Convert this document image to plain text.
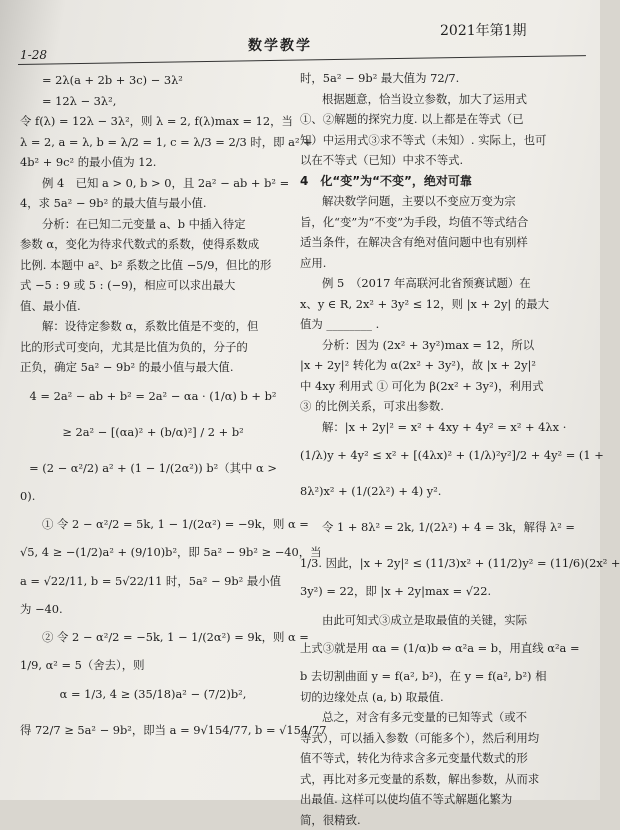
1-28
数学教学
2021年第1期
= 2λ(a + 2b + 3c) − 3λ²
= 12λ − 3λ²,
令 f(λ) = 12λ − 3λ²，则 λ = 2, f(λ)max = 12，当
λ = 2, a = λ, b = λ/2 = 1, c = λ/3 = 2/3 时，即 a² +
4b² + 9c² 的最小值为 12.
例 4　已知 a > 0, b > 0，且 2a² − ab + b² =
4，求 5a² − 9b² 的最大值与最小值.
分析：在已知二元变量 a、b 中插入待定
参数 α，变化为待求代数式的系数，使得系数成
比例. 本题中 a²、b² 系数之比值 −5/9，但比的形
式 −5 : 9 或 5 : (−9)，相应可以求出最大
值、最小值.
解：设待定参数 α，系数比值是不变的，但
比的形式可变向，尤其是比值为负的，分子的
正负，确定 5a² − 9b² 的最小值与最大值.
4 = 2a² − ab + b² = 2a² − αa · (1/α) b + b²
≥ 2a² − [(αa)² + (b/α)²] / 2 + b²
= (2 − α²/2) a² + (1 − 1/(2α²)) b²（其中 α >
0).
① 令 2 − α²/2 = 5k, 1 − 1/(2α²) = −9k，则 α =
√5, 4 ≥ −(1/2)a² + (9/10)b²，即 5a² − 9b² ≥ −40，当
a = √22/11, b = 5√22/11 时，5a² − 9b² 最小值
为 −40.
② 令 2 − α²/2 = −5k, 1 − 1/(2α²) = 9k，则 α =
1/9, α² = 5（舍去），则
α = 1/3, 4 ≥ (35/18)a² − (7/2)b²,
得 72/7 ≥ 5a² − 9b²，即当 a = 9√154/77, b = √154/77
时，5a² − 9b² 最大值为 72/7.
根据题意，恰当设立参数，加大了运用式
①、②解题的探究力度. 以上都是在等式（已
知）中运用式③求不等式（未知）. 实际上，也可
以在不等式（已知）中求不等式.
4　化“变”为“不变”，绝对可靠
解决数学问题，主要以不变应万变为宗
旨，化“变”为“不变”为手段，均值不等式结合
适当条件，在解决含有绝对值问题中也有别样
应用.
例 5　（2017 年高联河北省预赛试题）在
x、y ∈ R, 2x² + 3y² ≤ 12，则 |x + 2y| 的最大
值为 ________ .
分析：因为 (2x² + 3y²)max = 12，所以
|x + 2y|² 转化为 α(2x² + 3y²)，故 |x + 2y|²
中 4xy 利用式 ① 可化为 β(2x² + 3y²)，利用式
③ 的比例关系，可求出参数.
解：|x + 2y|² = x² + 4xy + 4y² = x² + 4λx ·
(1/λ)y + 4y² ≤ x² + [(4λx)² + (1/λ)²y²]/2 + 4y² = (1 +
8λ²)x² + (1/(2λ²) + 4) y².
令 1 + 8λ² = 2k, 1/(2λ²) + 4 = 3k，解得 λ² =
1/3. 因此，|x + 2y|² ≤ (11/3)x² + (11/2)y² = (11/6)(2x² +
3y²) = 22，即 |x + 2y|max = √22.
由此可知式③成立是取最值的关键，实际
上式③就是用 αa = (1/α)b ⇔ α²a = b，用直线 α²a =
b 去切割曲面 y = f(a², b²)，在 y = f(a², b²) 相
切的边缘处点 (a, b) 取最值.
总之，对含有多元变量的已知等式（或不
等式），可以插入参数（可能多个），然后利用均
值不等式，转化为待求含多元变量代数式的形
式，再比对多元变量的系数，解出参数，从而求
出最值. 这样可以使均值不等式解题化繁为
简，很精致.
